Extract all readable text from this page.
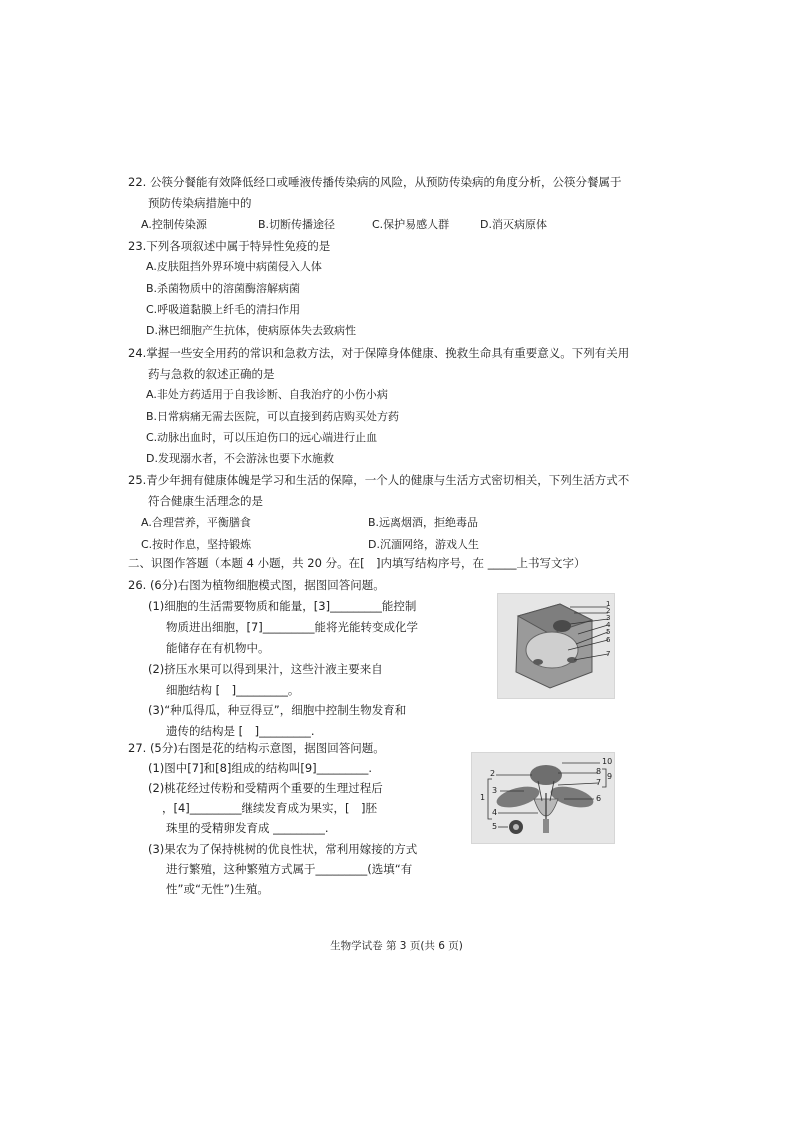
22. 公筷分餐能有效降低经口或唾液传播传染病的风险，从预防传染病的角度分析，公筷分餐属于
预防传染病措施中的
A.控制传染源	B.切断传播途径	C.保护易感人群	D.消灭病原体
23.下列各项叙述中属于特异性免疫的是
A.皮肤阻挡外界环境中病菌侵入人体
B.杀菌物质中的溶菌酶溶解病菌
C.呼吸道黏膜上纤毛的清扫作用
D.淋巴细胞产生抗体，使病原体失去致病性
24.掌握一些安全用药的常识和急救方法，对于保障身体健康、挽救生命具有重要意义。下列有关用
药与急救的叙述正确的是
A.非处方药适用于自我诊断、自我治疗的小伤小病
B.日常病痛无需去医院，可以直接到药店购买处方药
C.动脉出血时，可以压迫伤口的远心端进行止血
D.发现溺水者，不会游泳也要下水施救
25.青少年拥有健康体魄是学习和生活的保障，一个人的健康与生活方式密切相关，下列生活方式不
符合健康生活理念的是
A.合理营养，平衡膳食	B.远离烟酒，拒绝毒品
C.按时作息，坚持锻炼	D.沉湎网络，游戏人生
二、识图作答题（本题 4 小题，共 20 分。在[　]内填写结构序号，在 _____上书写文字）
26. (6分)右图为植物细胞模式图，据图回答问题。
(1)细胞的生活需要物质和能量，[3]_________能控制
物质进出细胞，[7]_________能将光能转变成化学
能储存在有机物中。
(2)挤压水果可以得到果汁，这些汁液主要来自
细胞结构 [　]_________。
(3)“种瓜得瓜，种豆得豆”，细胞中控制生物发育和
遗传的结构是 [　]_________.
1
2
3
4
5
6
7
27. (5分)右图是花的结构示意图，据图回答问题。
(1)图中[7]和[8]组成的结构叫[9]_________.
(2)桃花经过传粉和受精两个重要的生理过程后
，[4]_________继续发育成为果实，[　]胚
珠里的受精卵发育成 _________.
(3)果农为了保持桃树的优良性状，常利用嫁接的方式
进行繁殖，这种繁殖方式属于_________(选填“有
性”或“无性”)生殖。
10
8
7
9
6
2
3
1
4
5
生物学试卷 第 3 页(共 6 页)
